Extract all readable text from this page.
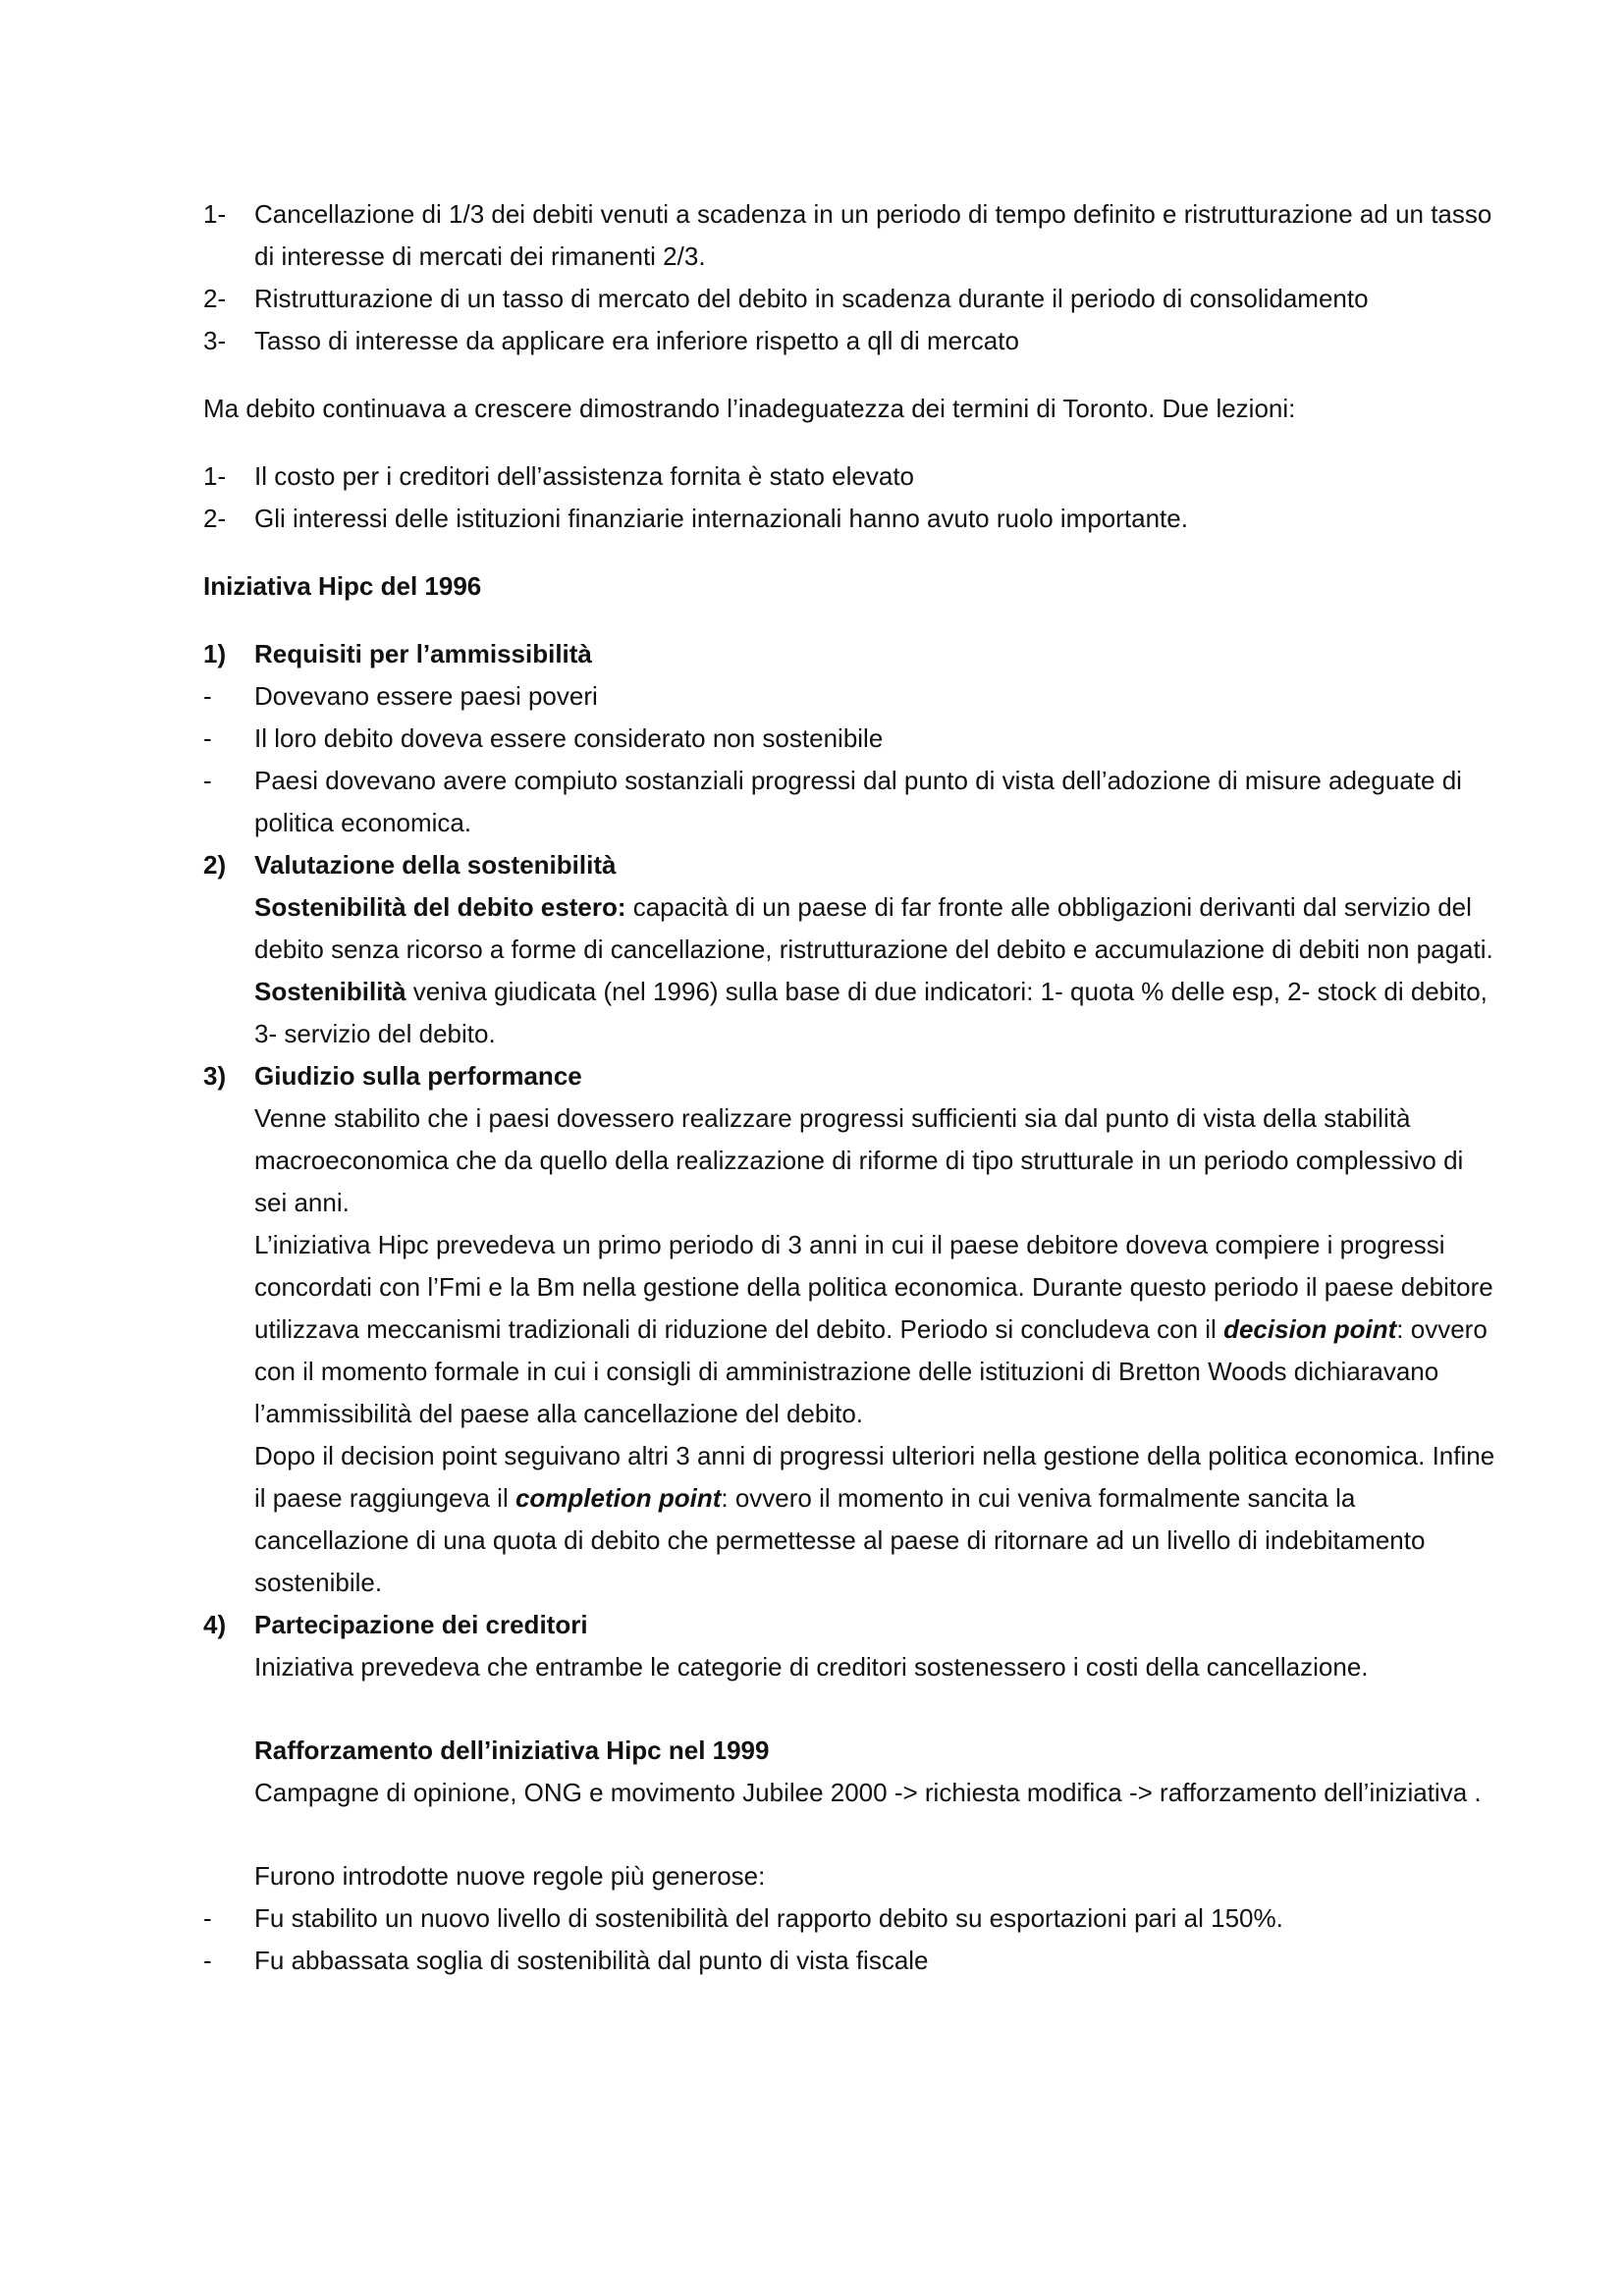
1-	Cancellazione di 1/3 dei debiti venuti a scadenza in un periodo di tempo definito e ristrutturazione ad un tasso di interesse di mercati dei rimanenti 2/3.
2-	Ristrutturazione di un tasso di mercato del debito in scadenza durante il periodo di consolidamento
3-	Tasso di interesse da applicare era inferiore rispetto a qll di mercato

Ma debito continuava a crescere dimostrando l’inadeguatezza dei termini di Toronto. Due lezioni:

1-	Il costo per i creditori dell’assistenza fornita è stato elevato
2-	Gli interessi delle istituzioni finanziarie internazionali hanno avuto ruolo importante.

Iniziativa Hipc del 1996

1)	Requisiti per l’ammissibilità
-	Dovevano essere paesi poveri
-	Il loro debito doveva essere considerato non sostenibile
-	Paesi dovevano avere compiuto sostanziali progressi dal punto di vista dell’adozione di misure adeguate di politica economica.
2)	Valutazione della sostenibilità

Sostenibilità del debito estero: capacità di un paese di far fronte alle obbligazioni derivanti dal servizio del debito senza ricorso a forme di cancellazione, ristrutturazione del debito e accumulazione di debiti non pagati.

Sostenibilità veniva giudicata (nel 1996) sulla base di due indicatori: 1- quota % delle esp, 2- stock di debito, 3- servizio del debito.

3)	Giudizio sulla performance

Venne stabilito che i paesi dovessero realizzare progressi sufficienti sia dal punto di vista della stabilità macroeconomica che da quello della realizzazione di riforme di tipo strutturale in un periodo complessivo di sei anni.

L’iniziativa Hipc prevedeva un primo periodo di 3 anni in cui il paese debitore doveva compiere i progressi concordati con l’Fmi e la Bm nella gestione della politica economica. Durante questo periodo il paese debitore utilizzava meccanismi tradizionali di riduzione del debito. Periodo si concludeva con il decision point: ovvero con il momento formale in cui i consigli di amministrazione delle istituzioni di Bretton Woods dichiaravano l’ammissibilità del paese alla cancellazione del debito.

Dopo il decision point seguivano altri 3 anni di progressi ulteriori nella gestione della politica economica. Infine il paese raggiungeva il completion point: ovvero il momento in cui veniva formalmente sancita la cancellazione di una quota di debito che permettesse al paese di ritornare ad un livello di indebitamento sostenibile.

4)	Partecipazione dei creditori

Iniziativa prevedeva che entrambe le categorie di creditori sostenessero i costi della cancellazione.

Rafforzamento dell’iniziativa Hipc nel 1999

Campagne di opinione, ONG e movimento Jubilee 2000 -> richiesta modifica -> rafforzamento dell’iniziativa .

Furono introdotte nuove regole più generose:

-	Fu stabilito un nuovo livello di sostenibilità del rapporto debito su esportazioni pari al 150%.
-	Fu abbassata soglia di sostenibilità dal punto di vista fiscale
